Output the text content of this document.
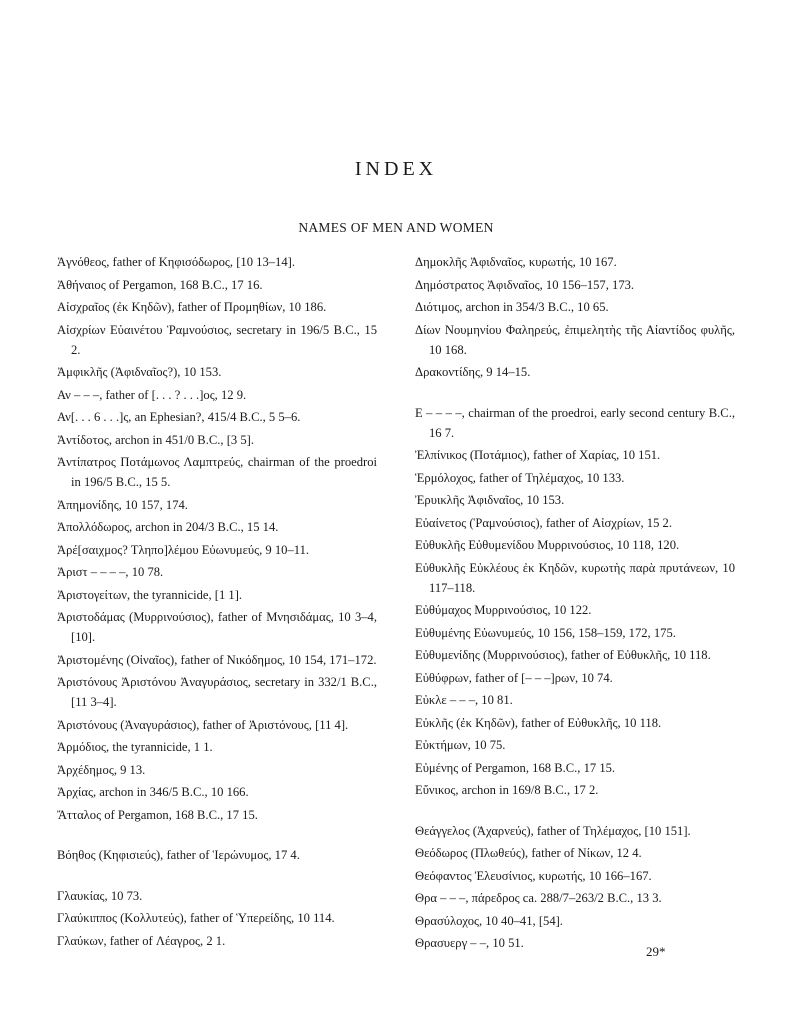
INDEX
NAMES OF MEN AND WOMEN
Ἁγνόθεος, father of Κηφισόδωρος, [10 13–14].
Ἀθήναιος of Pergamon, 168 B.C., 17 16.
Αἰσχραῖος (ἐκ Κηδῶν), father of Προμηθίων, 10 186.
Αἰσχρίων Εὐαινέτου Ῥαμνούσιος, secretary in 196/5 B.C., 15 2.
Ἀμφικλῆς (Ἀφιδναῖος?), 10 153.
Αν – – –, father of [. . . ? . . .]ος, 12 9.
Αν[. . . 6 . . .]ς, an Ephesian?, 415/4 B.C., 5 5–6.
Ἀντίδοτος, archon in 451/0 B.C., [3 5].
Ἀντίπατρος Ποτάμωνος Λαμπτρεύς, chairman of the proedroi in 196/5 B.C., 15 5.
Ἀπημονίδης, 10 157, 174.
Ἀπολλόδωρος, archon in 204/3 B.C., 15 14.
Ἀρέ[σαιχμος? Τληπο]λέμου Εὐωνυμεύς, 9 10–11.
Ἀριστ – – – –, 10 78.
Ἀριστογείτων, the tyrannicide, [1 1].
Ἀριστοδάμας (Μυρρινούσιος), father of Μνησιδάμας, 10 3–4, [10].
Ἀριστομένης (Οἰναῖος), father of Νικόδημος, 10 154, 171–172.
Ἀριστόνους Ἀριστόνου Ἀναγυράσιος, secretary in 332/1 B.C., [11 3–4].
Ἀριστόνους (Ἀναγυράσιος), father of Ἀριστόνους, [11 4].
Ἁρμόδιος, the tyrannicide, 1 1.
Ἀρχέδημος, 9 13.
Ἀρχίας, archon in 346/5 B.C., 10 166.
Ἄτταλος of Pergamon, 168 B.C., 17 15.
Βόηθος (Κηφισιεύς), father of Ἱερώνυμος, 17 4.
Γλαυκίας, 10 73.
Γλαύκιππος (Κολλυτεύς), father of Ὑπερείδης, 10 114.
Γλαύκων, father of Λέαγρος, 2 1.
Δημοκλῆς Ἀφιδναῖος, κυρωτής, 10 167.
Δημόστρατος Ἀφιδναῖος, 10 156–157, 173.
Διότιμος, archon in 354/3 B.C., 10 65.
Δίων Νουμηνίου Φαληρεύς, ἐπιμελητὴς τῆς Αἰαντίδος φυλῆς, 10 168.
Δρακοντίδης, 9 14–15.
Ε – – – –, chairman of the proedroi, early second century B.C., 16 7.
Ἐλπίνικος (Ποτάμιος), father of Χαρίας, 10 151.
Ἑρμόλοχος, father of Τηλέμαχος, 10 133.
Ἐρυικλῆς Ἀφιδναῖος, 10 153.
Εὐαίνετος (Ῥαμνούσιος), father of Αἰσχρίων, 15 2.
Εὐθυκλῆς Εὐθυμενίδου Μυρρινούσιος, 10 118, 120.
Εὐθυκλῆς Εὐκλέους ἐκ Κηδῶν, κυρωτὴς παρὰ πρυτάνεων, 10 117–118.
Εὐθύμαχος Μυρρινούσιος, 10 122.
Εὐθυμένης Εὐωνυμεύς, 10 156, 158–159, 172, 175.
Εὐθυμενίδης (Μυρρινούσιος), father of Εὐθυκλῆς, 10 118.
Εὐθύφρων, father of [– – –]ρων, 10 74.
Εὐκλε – – –, 10 81.
Εὐκλῆς (ἐκ Κηδῶν), father of Εὐθυκλῆς, 10 118.
Εὐκτήμων, 10 75.
Εὐμένης of Pergamon, 168 B.C., 17 15.
Εὔνικος, archon in 169/8 B.C., 17 2.
Θεάγγελος (Ἀχαρνεύς), father of Τηλέμαχος, [10 151].
Θεόδωρος (Πλωθεύς), father of Νίκων, 12 4.
Θεόφαντος Ἐλευσίνιος, κυρωτής, 10 166–167.
Θρα – – –, πάρεδρος ca. 288/7–263/2 B.C., 13 3.
Θρασύλοχος, 10 40–41, [54].
Θρασυεργ – –, 10 51.
29*
